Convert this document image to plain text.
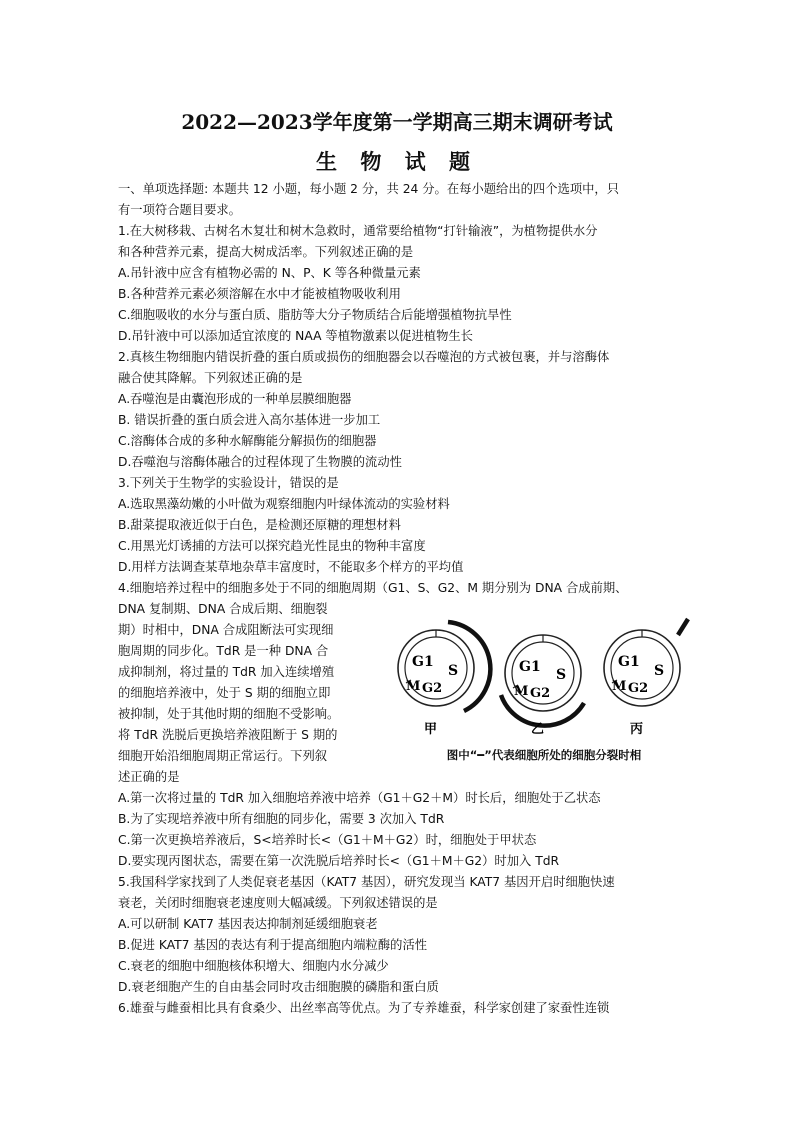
2022—2023学年度第一学期高三期末调研考试
生 物 试 题
一、单项选择题: 本题共 12 小题，每小题 2 分，共 24 分。在每小题给出的四个选项中，只
有一项符合题目要求。
1.在大树移栽、古树名木复壮和树木急救时，通常要给植物“打针输液”，为植物提供水分
和各种营养元素，提高大树成活率。下列叙述正确的是
A.吊针液中应含有植物必需的 N、P、K 等各种微量元素
B.各种营养元素必须溶解在水中才能被植物吸收利用
C.细胞吸收的水分与蛋白质、脂肪等大分子物质结合后能增强植物抗旱性
D.吊针液中可以添加适宜浓度的 NAA 等植物激素以促进植物生长
2.真核生物细胞内错误折叠的蛋白质或损伤的细胞器会以吞噬泡的方式被包裹，并与溶酶体
融合使其降解。下列叙述正确的是
A.吞噬泡是由囊泡形成的一种单层膜细胞器
B. 错误折叠的蛋白质会进入高尔基体进一步加工
C.溶酶体合成的多种水解酶能分解损伤的细胞器
D.吞噬泡与溶酶体融合的过程体现了生物膜的流动性
3.下列关于生物学的实验设计，错误的是
A.选取黑藻幼嫩的小叶做为观察细胞内叶绿体流动的实验材料
B.甜菜提取液近似于白色，是检测还原糖的理想材料
C.用黑光灯诱捕的方法可以探究趋光性昆虫的物种丰富度
D.用样方法调查某草地杂草丰富度时，不能取多个样方的平均值
4.细胞培养过程中的细胞多处于不同的细胞周期（G1、S、G2、M 期分别为 DNA 合成前期、
DNA 复制期、DNA 合成后期、细胞裂
期）时相中，DNA 合成阻断法可实现细
胞周期的同步化。TdR 是一种 DNA 合
成抑制剂，将过量的 TdR 加入连续增殖
的细胞培养液中，处于 S 期的细胞立即
被抑制，处于其他时期的细胞不受影响。
将 TdR 洗脱后更换培养液阻断于 S 期的
细胞开始沿细胞周期正常运行。下列叙
述正确的是
G1
S
M G2
甲
G1 S
M G2
乙
G1
S
M G2
丙
图中“━”代表细胞所处的细胞分裂时相
A.第一次将过量的 TdR 加入细胞培养液中培养（G1＋G2＋M）时长后，细胞处于乙状态
B.为了实现培养液中所有细胞的同步化，需要 3 次加入 TdR
C.第一次更换培养液后，S<培养时长<（G1＋M＋G2）时，细胞处于甲状态
D.要实现丙图状态，需要在第一次洗脱后培养时长<（G1＋M＋G2）时加入 TdR
5.我国科学家找到了人类促衰老基因（KAT7 基因），研究发现当 KAT7 基因开启时细胞快速
衰老，关闭时细胞衰老速度则大幅减缓。下列叙述错误的是
A.可以研制 KAT7 基因表达抑制剂延缓细胞衰老
B.促进 KAT7 基因的表达有利于提高细胞内端粒酶的活性
C.衰老的细胞中细胞核体积增大、细胞内水分减少
D.衰老细胞产生的自由基会同时攻击细胞膜的磷脂和蛋白质
6.雄蚕与雌蚕相比具有食桑少、出丝率高等优点。为了专养雄蚕，科学家创建了家蚕性连锁
